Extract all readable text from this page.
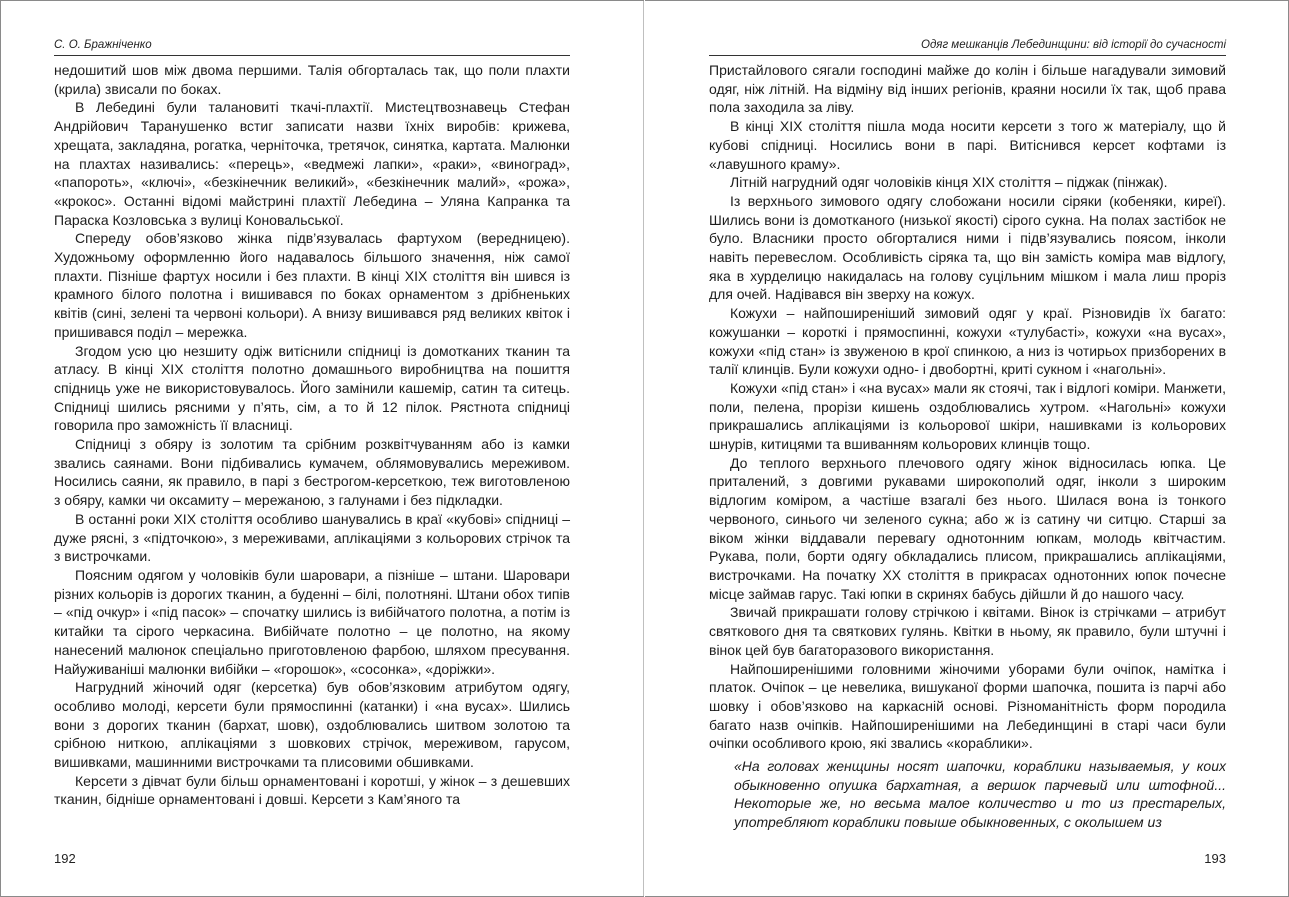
С. О. Бражніченко

недошитий шов між двома першими. Талія обгорталась так, що поли плахти (крила) звисали по боках.

В Лебедині були талановиті ткачі-плахтії. Мистецтвознавець Стефан Андрійович Таранушенко встиг записати назви їхніх виробів: крижева, хрещата, закладяна, рогатка, черніточка, третячок, синятка, картата. Малюнки на плахтах називались: «перець», «ведмежі лапки», «раки», «виноград», «папороть», «ключі», «безкінечник великий», «безкінечник малий», «рожа», «крокос». Останні відомі майстрині плахтії Лебедина – Уляна Капранка та Параска Козловська з вулиці Коновальської.

Спереду обов’язково жінка підв’язувалась фартухом (вередницею). Художньому оформленню його надавалось більшого значення, ніж самої плахти. Пізніше фартух носили і без плахти. В кінці ХІХ століття він шився із крамного білого полотна і вишивався по боках орнаментом з дрібненьких квітів (сині, зелені та червоні кольори). А внизу вишивався ряд великих квіток і пришивався поділ – мережка.

Згодом усю цю незшиту одіж витіснили спідниці із домотканих тканин та атласу. В кінці ХІХ століття полотно домашнього виробництва на пошиття спідниць уже не використовувалось. Його замінили кашемір, сатин та ситець. Спідниці шились рясними у п’ять, сім, а то й 12 пілок. Рястнота спідниці говорила про заможність її власниці.

Спідниці з обяру із золотим та срібним розквітчуванням або із камки звались саянами. Вони підбивались кумачем, облямовувались мереживом. Носились саяни, як правило, в парі з бестрогом-керсеткою, теж виготовленою з обяру, камки чи оксамиту – мережаною, з галунами і без підкладки.

В останні роки ХІХ століття особливо шанувались в краї «кубові» спідниці – дуже рясні, з «підточкою», з мереживами, аплікаціями з кольорових стрічок та з вистрочками.

Поясним одягом у чоловіків були шаровари, а пізніше – штани. Шаровари різних кольорів із дорогих тканин, а буденні – білі, полотняні. Штани обох типів – «під очкур» і «під пасок» – спочатку шились із вибійчатого полотна, а потім із китайки та сірого черкасина. Вибійчате полотно – це полотно, на якому нанесений малюнок спеціально приготовленою фарбою, шляхом пресування. Найуживаніші малюнки вибійки – «горошок», «сосонка», «доріжки».

Нагрудний жіночий одяг (керсетка) був обов’язковим атрибутом одягу, особливо молоді, керсети були прямоспинні (катанки) і «на вусах». Шились вони з дорогих тканин (бархат, шовк), оздоблювались шитвом золотою та срібною ниткою, аплікаціями з шовкових стрічок, мереживом, гарусом, вишивками, машинними вистрочками та плисовими обшивками.

Керсети з дівчат були більш орнаментовані і коротші, у жінок – з дешевших тканин, бідніше орнаментовані і довші. Керсети з Кам’яного та

192
Одяг мешканців Лебединщини: від історії до сучасності

Пристайлового сягали господині майже до колін і більше нагадували зимовий одяг, ніж літній. На відміну від інших регіонів, краяни носили їх так, щоб права пола заходила за ліву.

В кінці ХІХ століття пішла мода носити керсети з того ж матеріалу, що й кубові спідниці. Носились вони в парі. Витіснився керсет кофтами із «лавушного краму».

Літній нагрудний одяг чоловіків кінця ХІХ століття – піджак (пінжак).

Із верхнього зимового одягу слобожани носили сіряки (кобеняки, киреї). Шились вони із домотканого (низької якості) сірого сукна. На полах застібок не було. Власники просто обгорталися ними і підв’язувались поясом, інколи навіть перевеслом. Особливість сіряка та, що він замість коміра мав відлогу, яка в хурделицю накидалась на голову суцільним мішком і мала лиш проріз для очей. Надівався він зверху на кожух.

Кожухи – найпоширеніший зимовий одяг у краї. Різновидів їх багато: кожушанки – короткі і прямоспинні, кожухи «тулубасті», кожухи «на вусах», кожухи «під стан» із звуженою в крої спинкою, а низ із чотирьох призборених в талії клинців. Були кожухи одно- і двобортні, криті сукном і «нагольні».

Кожухи «під стан» і «на вусах» мали як стоячі, так і відлогі коміри. Манжети, поли, пелена, прорізи кишень оздоблювались хутром. «Нагольні» кожухи прикрашались аплікаціями із кольорової шкіри, нашивками із кольорових шнурів, китицями та вшиванням кольорових клинців тощо.

До теплого верхнього плечового одягу жінок відносилась юпка. Це приталений, з довгими рукавами широкополий одяг, інколи з широким відлогим коміром, а частіше взагалі без нього. Шилася вона із тонкого червоного, синього чи зеленого сукна; або ж із сатину чи ситцю. Старші за віком жінки віддавали перевагу однотонним юпкам, молодь квітчастим. Рукава, поли, борти одягу обкладались плисом, прикрашались аплікаціями, вистрочками. На початку ХХ століття в прикрасах однотонних юпок почесне місце займав гарус. Такі юпки в скринях бабусь дійшли й до нашого часу.

Звичай прикрашати голову стрічкою і квітами. Вінок із стрічками – атрибут святкового дня та святкових гулянь. Квітки в ньому, як правило, були штучні і вінок цей був багаторазового використання.

Найпоширенішими головними жіночими уборами були очіпок, намітка і платок. Очіпок – це невелика, вишуканої форми шапочка, пошита із парчі або шовку і обов’язково на каркасній основі. Різноманітність форм породила багато назв очіпків. Найпоширенішими на Лебединщині в старі часи були очіпки особливого крою, які звались «кораблики».

«На головах женщины носят шапочки, кораблики называемыя, у коих обыкновенно опушка бархатная, а вершок парчевый или штофной... Некоторые же, но весьма малое количество и то из престарелых, употребляют кораблики повыше обыкновенных, с околышем из

193
